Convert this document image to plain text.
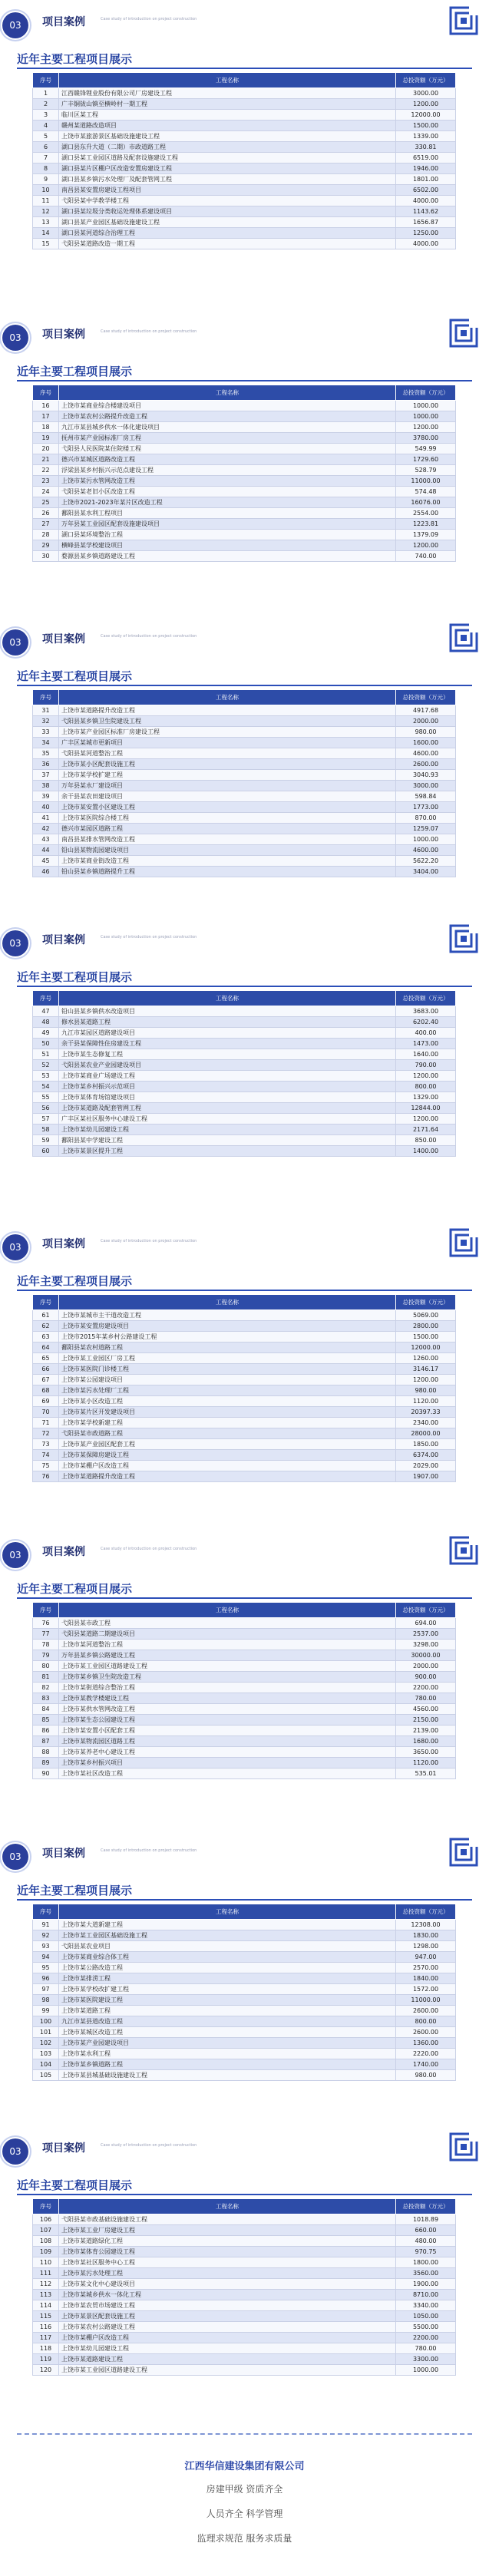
03	项目案例	Case study of introduction on project construction
近年主要工程项目展示
序号	工程名称	总投资额（万元）
1	江西赣锋锂业股份有限公司厂房建设工程	3000.00
2	广丰铜钹山镇至横岭村一期工程	1200.00
3	临川区某工程	12000.00
4	赣州某道路改造项目	1500.00
5	上饶市某旅游景区基础设施建设工程	1339.00
6	湖口县东升大道（二期）市政道路工程	330.81
7	湖口县某工业园区道路及配套设施建设工程	6519.00
8	湖口县某片区棚户区改造安置房建设工程	1946.00
9	湖口县某乡镇污水处理厂及配套管网工程	1801.00
10	南昌县某安置房建设工程项目	6502.00
11	弋阳县某中学教学楼工程	4000.00
12	湖口县某垃圾分类收运处理体系建设项目	1143.62
13	湖口县某产业园区基础设施建设工程	1656.87
14	湖口县某河道综合治理工程	1250.00
15	弋阳县某道路改造一期工程	4000.00
03	项目案例	Case study of introduction on project construction
近年主要工程项目展示
序号	工程名称	总投资额（万元）
16	上饶市某商业综合楼建设项目	1000.00
17	上饶市某农村公路提升改造工程	1000.00
18	九江市某县城乡供水一体化建设项目	1200.00
19	抚州市某产业园标准厂房工程	3780.00
20	弋阳县人民医院某住院楼工程	549.99
21	德兴市某城区道路改造工程	1729.60
22	浮梁县某乡村振兴示范点建设工程	528.79
23	上饶市某污水管网改造工程	11000.00
24	弋阳县某老旧小区改造工程	574.48
25	上饶市2021-2023年某片区改造工程	16076.00
26	鄱阳县某水利工程项目	2554.00
27	万年县某工业园区配套设施建设项目	1223.81
28	湖口县某环境整治工程	1379.09
29	横峰县某学校建设项目	1200.00
30	婺源县某乡镇道路建设工程	740.00
03	项目案例	Case study of introduction on project construction
近年主要工程项目展示
序号	工程名称	总投资额（万元）
31	上饶市某道路提升改造工程	4917.68
32	弋阳县某乡镇卫生院建设工程	2000.00
33	上饶市某产业园区标准厂房建设工程	980.00
34	广丰区某城市更新项目	1600.00
35	弋阳县某河道整治工程	4600.00
36	上饶市某小区配套设施工程	2600.00
37	上饶市某学校扩建工程	3040.93
38	万年县某水厂建设项目	3000.00
39	余干县某农田建设项目	598.84
40	上饶市某安置小区建设工程	1773.00
41	上饶市某医院综合楼工程	870.00
42	德兴市某园区道路工程	1259.07
43	南昌县某排水管网改造工程	1000.00
44	铅山县某物流园建设项目	4600.00
45	上饶市某商业街改造工程	5622.20
46	铅山县某乡镇道路提升工程	3404.00
03	项目案例	Case study of introduction on project construction
近年主要工程项目展示
序号	工程名称	总投资额（万元）
47	铅山县某乡镇供水改造项目	3683.00
48	修水县某道路工程	6202.40
49	九江市某园区道路建设项目	400.00
50	余干县某保障性住房建设工程	1473.00
51	上饶市某生态修复工程	1640.00
52	弋阳县某农业产业园建设项目	790.00
53	上饶市某商业广场建设工程	1200.00
54	上饶市某乡村振兴示范项目	800.00
55	上饶市某体育场馆建设项目	1329.00
56	上饶市某道路及配套管网工程	12844.00
57	广丰区某社区服务中心建设工程	1200.00
58	上饶市某幼儿园建设工程	2171.64
59	鄱阳县某中学建设工程	850.00
60	上饶市某景区提升工程	1400.00
03	项目案例	Case study of introduction on project construction
近年主要工程项目展示
序号	工程名称	总投资额（万元）
61	上饶市某城市主干道改造工程	5069.00
62	上饶市某安置房建设项目	2800.00
63	上饶市2015年某乡村公路建设工程	1500.00
64	鄱阳县某农村道路工程	12000.00
65	上饶市某工业园区厂房工程	1260.00
66	上饶市某医院门诊楼工程	3146.17
67	上饶市某公园建设项目	1200.00
68	上饶市某污水处理厂工程	980.00
69	上饶市某小区改造工程	1120.00
70	上饶市某片区开发建设项目	20397.33
71	上饶市某学校新建工程	2340.00
72	弋阳县某市政道路工程	28000.00
73	上饶市某产业园区配套工程	1850.00
74	上饶市某保障房建设工程	6374.00
75	上饶市某棚户区改造工程	2029.00
76	上饶市某道路提升改造工程	1907.00
03	项目案例	Case study of introduction on project construction
近年主要工程项目展示
序号	工程名称	总投资额（万元）
76	弋阳县某市政工程	694.00
77	弋阳县某道路二期建设项目	2537.00
78	上饶市某河道整治工程	3298.00
79	万年县某乡镇公路建设工程	30000.00
80	上饶市某工业园区道路建设工程	2000.00
81	上饶市某乡镇卫生院改造工程	900.00
82	上饶市某街道综合整治工程	2200.00
83	上饶市某教学楼建设工程	780.00
84	上饶市某供水管网改造工程	4560.00
85	上饶市某生态公园建设工程	2150.00
86	上饶市某安置小区配套工程	2139.00
87	上饶市某物流园区道路工程	1680.00
88	上饶市某养老中心建设工程	3650.00
89	上饶市某乡村振兴项目	1120.00
90	上饶市某社区改造工程	535.01
03	项目案例	Case study of introduction on project construction
近年主要工程项目展示
序号	工程名称	总投资额（万元）
91	上饶市某大道新建工程	12308.00
92	上饶市某工业园区基础设施工程	1830.00
93	弋阳县某农业项目	1298.00
94	上饶市某商业综合体工程	947.00
95	上饶市某公路改造工程	2570.00
96	上饶市某排涝工程	1840.00
97	上饶市某学校改扩建工程	1572.00
98	上饶市某医院建设工程	11000.00
99	上饶市某道路工程	2600.00
100	九江市某县道改造工程	800.00
101	上饶市某城区改造工程	2600.00
102	上饶市某产业园建设项目	1360.00
103	上饶市某水利工程	2220.00
104	上饶市某乡镇道路工程	1740.00
105	上饶市某县城基础设施建设工程	980.00
03	项目案例	Case study of introduction on project construction
近年主要工程项目展示
序号	工程名称	总投资额（万元）
106	弋阳县某市政基础设施建设工程	1018.89
107	上饶市某工业厂房建设工程	660.00
108	上饶市某道路绿化工程	480.00
109	上饶市某体育公园建设工程	970.75
110	上饶市某社区服务中心工程	1800.00
111	上饶市某污水处理工程	3560.00
112	上饶市某文化中心建设项目	1900.00
113	上饶市某城乡供水一体化工程	8710.00
114	上饶市某农贸市场建设工程	3340.00
115	上饶市某景区配套设施工程	1050.00
116	上饶市某农村公路建设工程	5500.00
117	上饶市某棚户区改造工程	2200.00
118	上饶市某幼儿园建设工程	780.00
119	上饶市某道路建设工程	3300.00
120	上饶市某工业园区道路建设工程	1000.00
江西华信建设集团有限公司
房建甲级 资质齐全
人员齐全 科学管理
监理求规范 服务求质量
